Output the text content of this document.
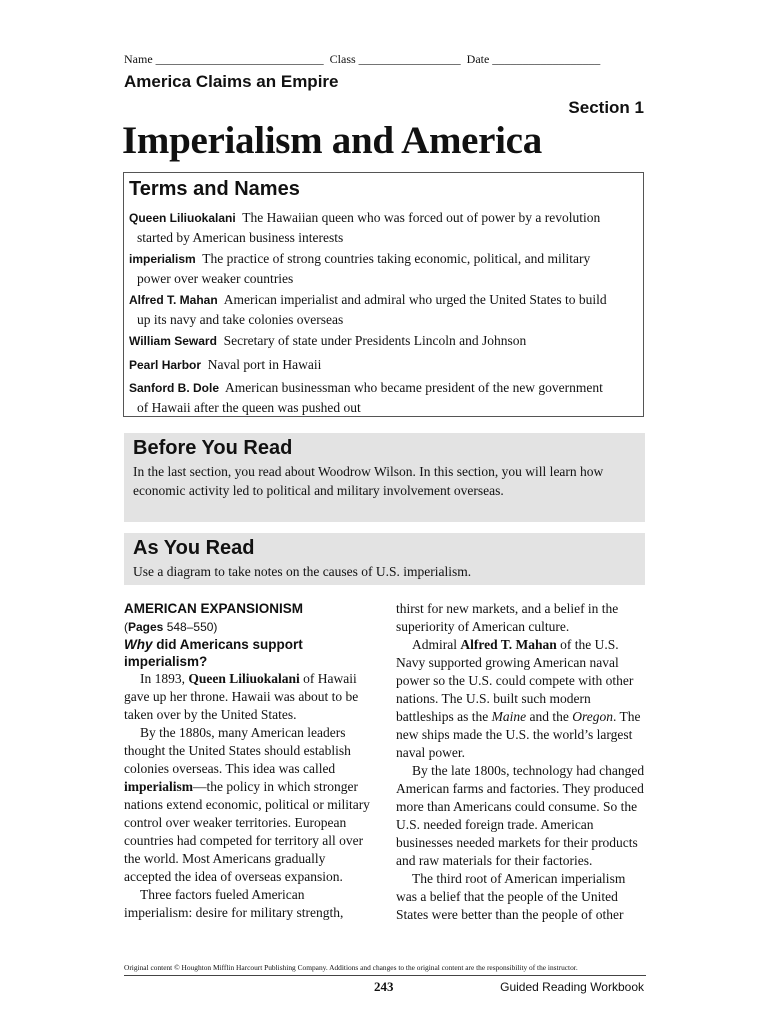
Name ____________________________  Class _________________  Date __________________
America Claims an Empire
Section 1
Imperialism and America
Terms and Names
Queen Liliuokalani The Hawaiian queen who was forced out of power by a revolution
started by American business interests
imperialism The practice of strong countries taking economic, political, and military
power over weaker countries
Alfred T. Mahan American imperialist and admiral who urged the United States to build
up its navy and take colonies overseas
William Seward Secretary of state under Presidents Lincoln and Johnson
Pearl Harbor Naval port in Hawaii
Sanford B. Dole American businessman who became president of the new government
of Hawaii after the queen was pushed out
Before You Read

In the last section, you read about Woodrow Wilson. In this section, you will learn how economic activity led to political and military involvement overseas.

As You Read

Use a diagram to take notes on the causes of U.S. imperialism.

AMERICAN EXPANSIONISM

(Pages 548–550)

Why did Americans support imperialism?

In 1893, Queen Liliuokalani of Hawaii gave up her throne. Hawaii was about to be taken over by the United States.

By the 1880s, many American leaders thought the United States should establish colonies overseas. This idea was called imperialism—the policy in which stronger nations extend economic, political or military control over weaker territories. European countries had competed for territory all over the world. Most Americans gradually accepted the idea of overseas expansion.

Three factors fueled American imperialism: desire for military strength,

thirst for new markets, and a belief in the superiority of American culture.

Admiral Alfred T. Mahan of the U.S. Navy supported growing American naval power so the U.S. could compete with other nations. The U.S. built such modern battleships as the Maine and the Oregon. The new ships made the U.S. the world’s largest naval power.

By the late 1800s, technology had changed American farms and factories. They produced more than Americans could consume. So the U.S. needed foreign trade. American businesses needed markets for their products and raw materials for their factories.

The third root of American imperialism was a belief that the people of the United States were better than the people of other

Original content © Houghton Mifflin Harcourt Publishing Company. Additions and changes to the original content are the responsibility of the instructor.
243	Guided Reading Workbook
